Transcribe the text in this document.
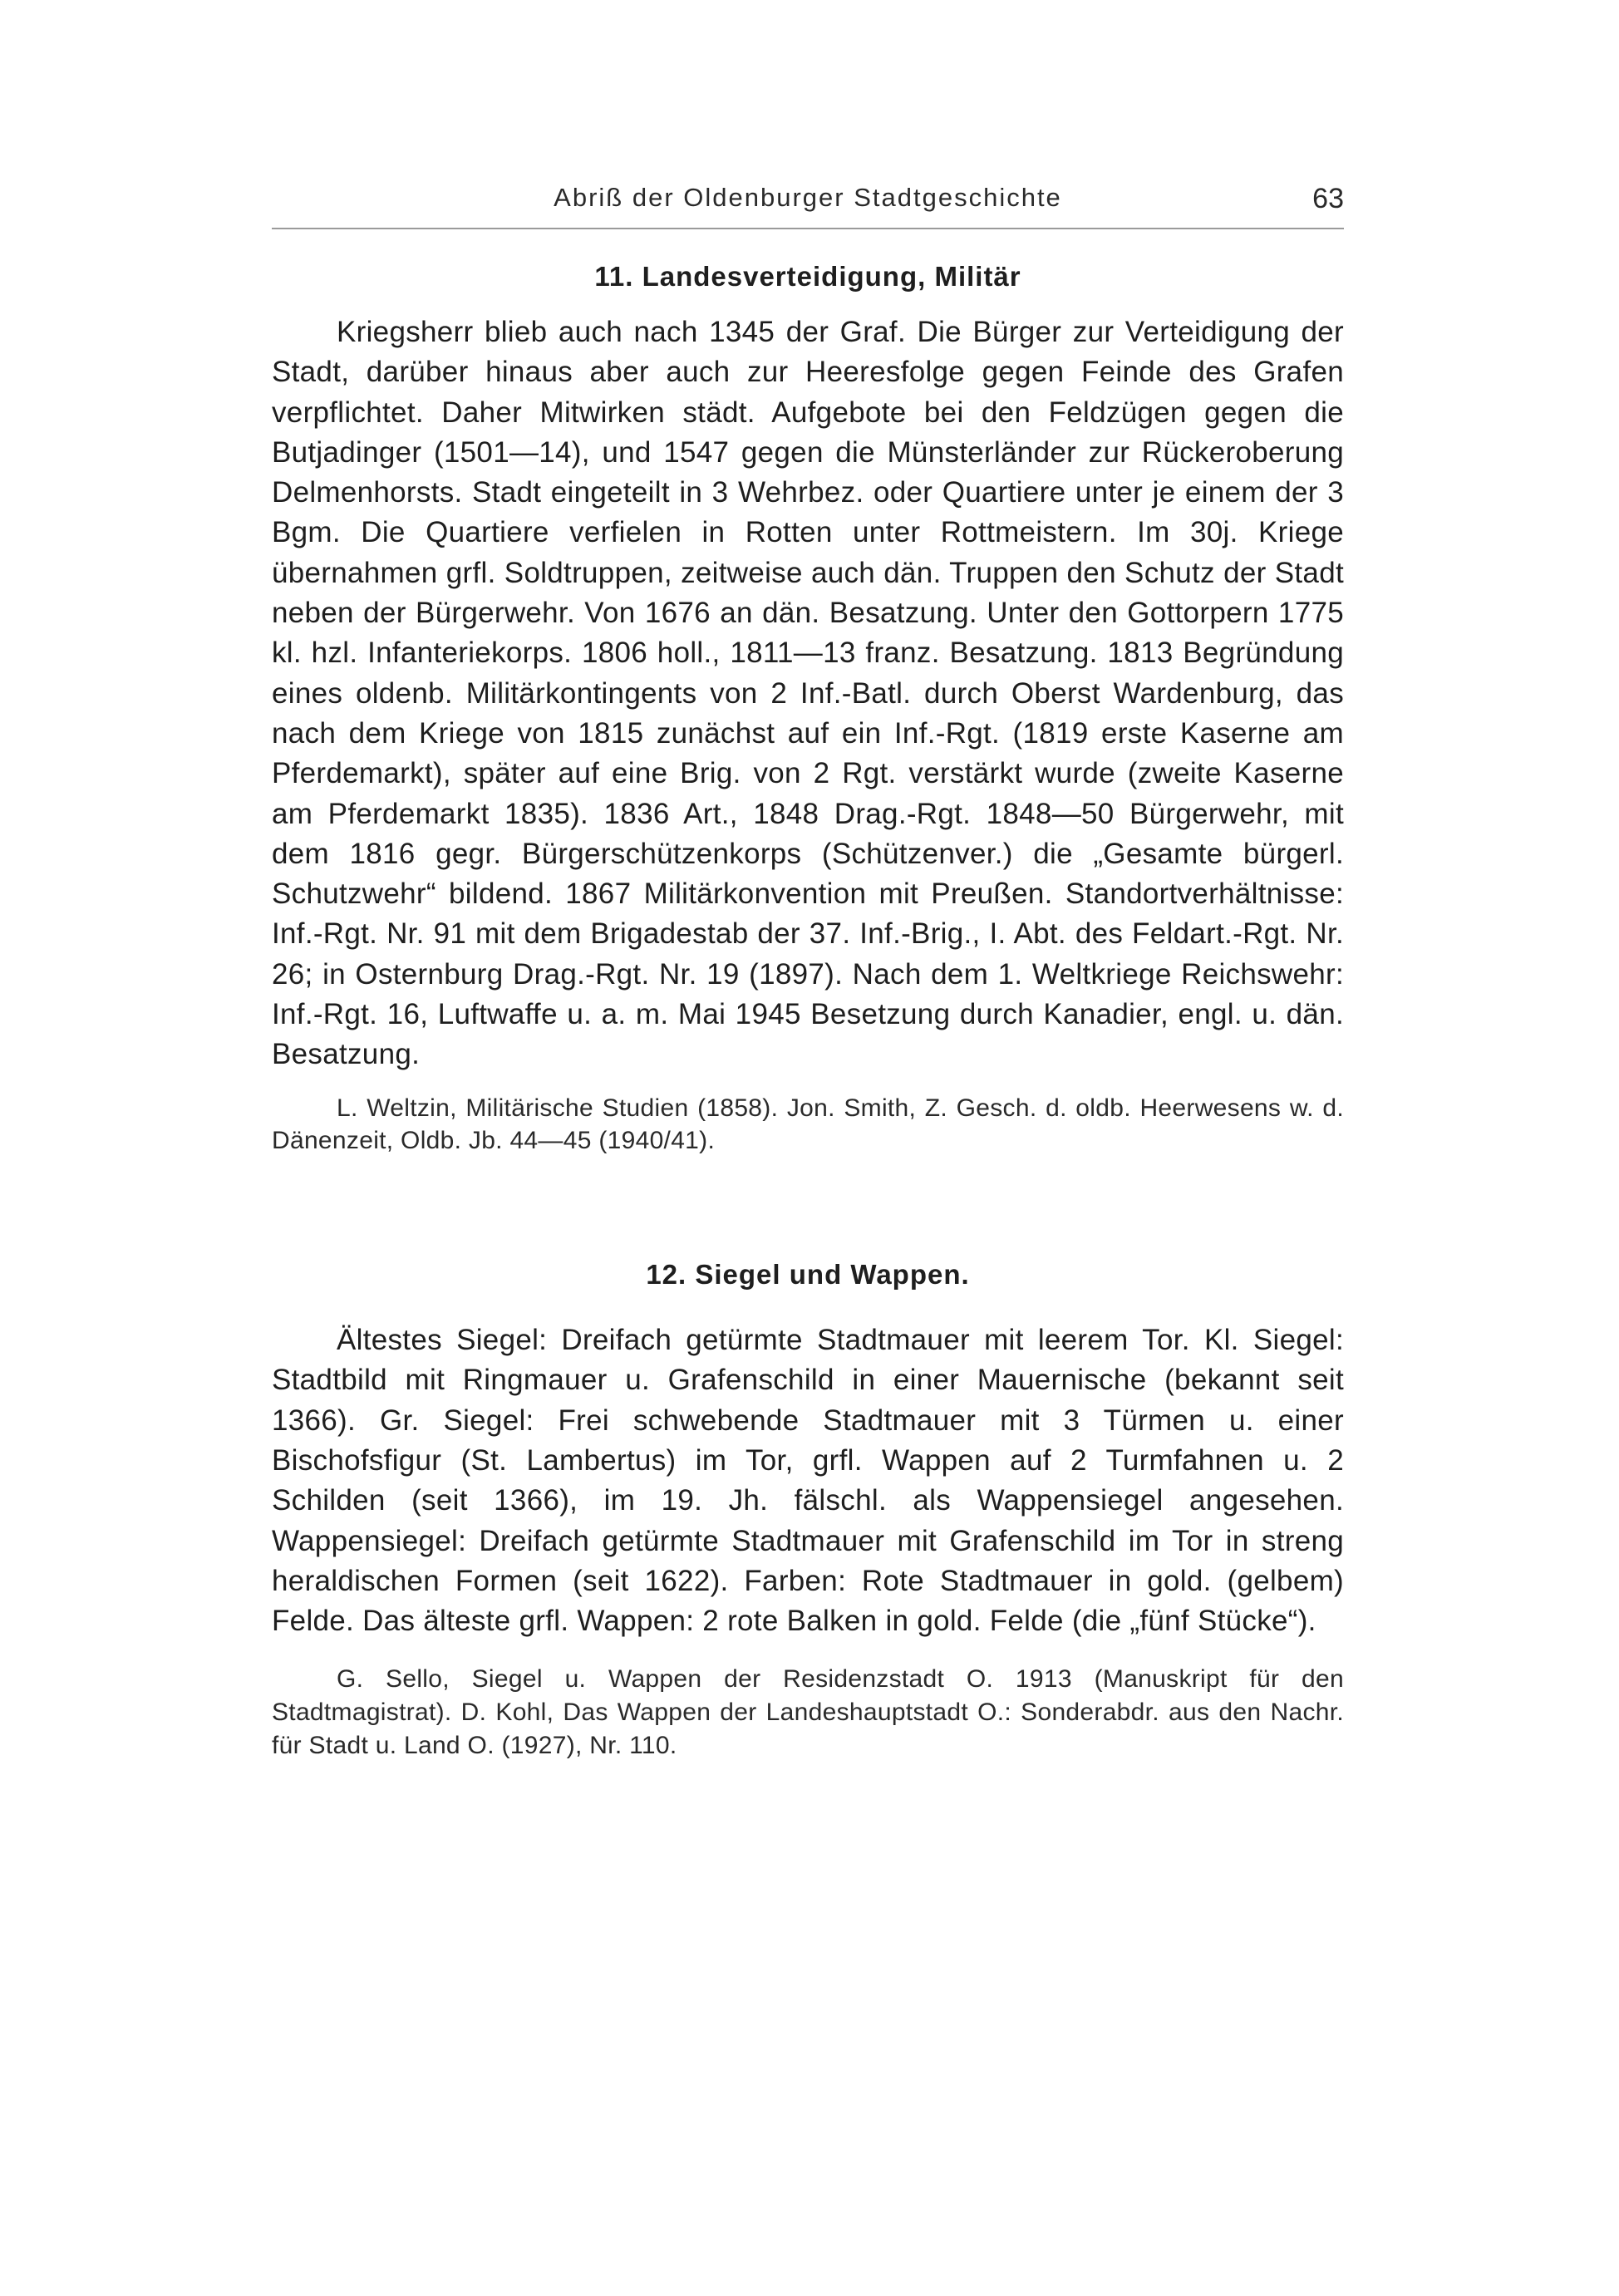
Abriß der Oldenburger Stadtgeschichte	63
11. Landesverteidigung, Militär

Kriegsherr blieb auch nach 1345 der Graf. Die Bürger zur Verteidigung der Stadt, darüber hinaus aber auch zur Heeresfolge gegen Feinde des Grafen verpflichtet. Daher Mitwirken städt. Aufgebote bei den Feldzügen gegen die Butjadinger (1501—14), und 1547 gegen die Münsterländer zur Rückeroberung Delmenhorsts. Stadt eingeteilt in 3 Wehrbez. oder Quartiere unter je einem der 3 Bgm. Die Quartiere verfielen in Rotten unter Rottmeistern. Im 30j. Kriege übernahmen grfl. Soldtruppen, zeitweise auch dän. Truppen den Schutz der Stadt neben der Bürgerwehr. Von 1676 an dän. Besatzung. Unter den Gottorpern 1775 kl. hzl. Infanteriekorps. 1806 holl., 1811—13 franz. Besatzung. 1813 Begründung eines oldenb. Militärkontingents von 2 Inf.-Batl. durch Oberst Wardenburg, das nach dem Kriege von 1815 zunächst auf ein Inf.-Rgt. (1819 erste Kaserne am Pferdemarkt), später auf eine Brig. von 2 Rgt. verstärkt wurde (zweite Kaserne am Pferdemarkt 1835). 1836 Art., 1848 Drag.-Rgt. 1848—50 Bürgerwehr, mit dem 1816 gegr. Bürgerschützenkorps (Schützenver.) die „Gesamte bürgerl. Schutzwehr“ bildend. 1867 Militärkonvention mit Preußen. Standortverhältnisse: Inf.-Rgt. Nr. 91 mit dem Brigadestab der 37. Inf.-Brig., I. Abt. des Feldart.-Rgt. Nr. 26; in Osternburg Drag.-Rgt. Nr. 19 (1897). Nach dem 1. Weltkriege Reichswehr: Inf.-Rgt. 16, Luftwaffe u. a. m. Mai 1945 Besetzung durch Kanadier, engl. u. dän. Besatzung.

L. Weltzin, Militärische Studien (1858). Jon. Smith, Z. Gesch. d. oldb. Heerwesens w. d. Dänenzeit, Oldb. Jb. 44—45 (1940/41).

12. Siegel und Wappen.

Ältestes Siegel: Dreifach getürmte Stadtmauer mit leerem Tor. Kl. Siegel: Stadtbild mit Ringmauer u. Grafenschild in einer Mauernische (bekannt seit 1366). Gr. Siegel: Frei schwebende Stadtmauer mit 3 Türmen u. einer Bischofsfigur (St. Lambertus) im Tor, grfl. Wappen auf 2 Turmfahnen u. 2 Schilden (seit 1366), im 19. Jh. fälschl. als Wappensiegel angesehen. Wappensiegel: Dreifach getürmte Stadtmauer mit Grafenschild im Tor in streng heraldischen Formen (seit 1622). Farben: Rote Stadtmauer in gold. (gelbem) Felde. Das älteste grfl. Wappen: 2 rote Balken in gold. Felde (die „fünf Stücke“).

G. Sello, Siegel u. Wappen der Residenzstadt O. 1913 (Manuskript für den Stadtmagistrat). D. Kohl, Das Wappen der Landeshauptstadt O.: Sonderabdr. aus den Nachr. für Stadt u. Land O. (1927), Nr. 110.
